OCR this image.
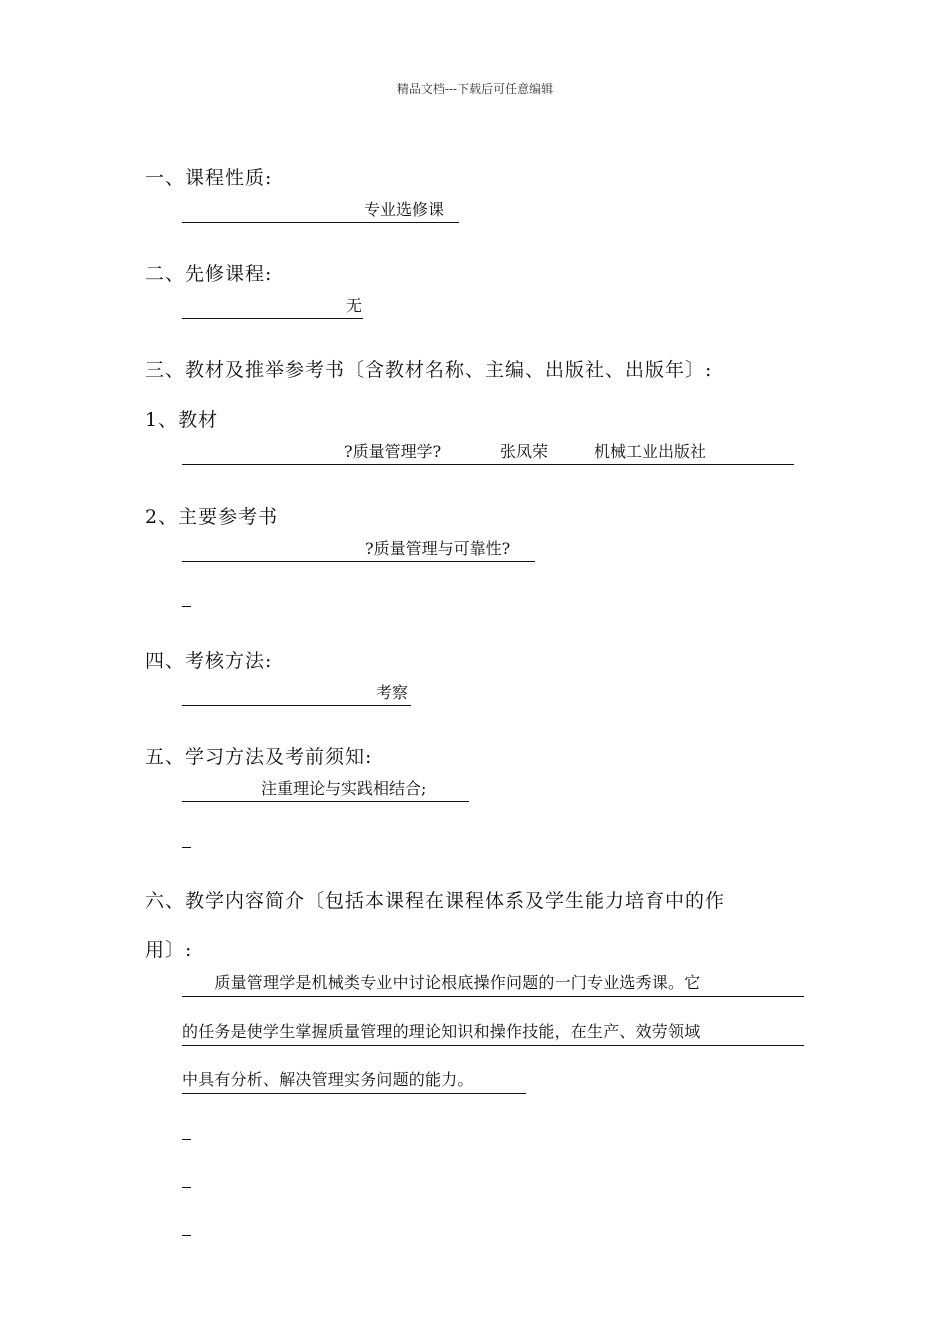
精品文档---下载后可任意编辑
一、课程性质:
专业选修课
二、先修课程:
无
三、教材及推举参考书〔含教材名称、主编、出版社、出版年〕:
1、教材
?质量管理学?	张凤荣	机械工业出版社
2、主要参考书
?质量管理与可靠性?
四、考核方法:
考察
五、学习方法及考前须知:
注重理论与实践相结合;
六、教学内容简介〔包括本课程在课程体系及学生能力培育中的作
用〕:
　　质量管理学是机械类专业中讨论根底操作问题的一门专业选秀课。它
的任务是使学生掌握质量管理的理论知识和操作技能，在生产、效劳领域
中具有分析、解决管理实务问题的能力。
